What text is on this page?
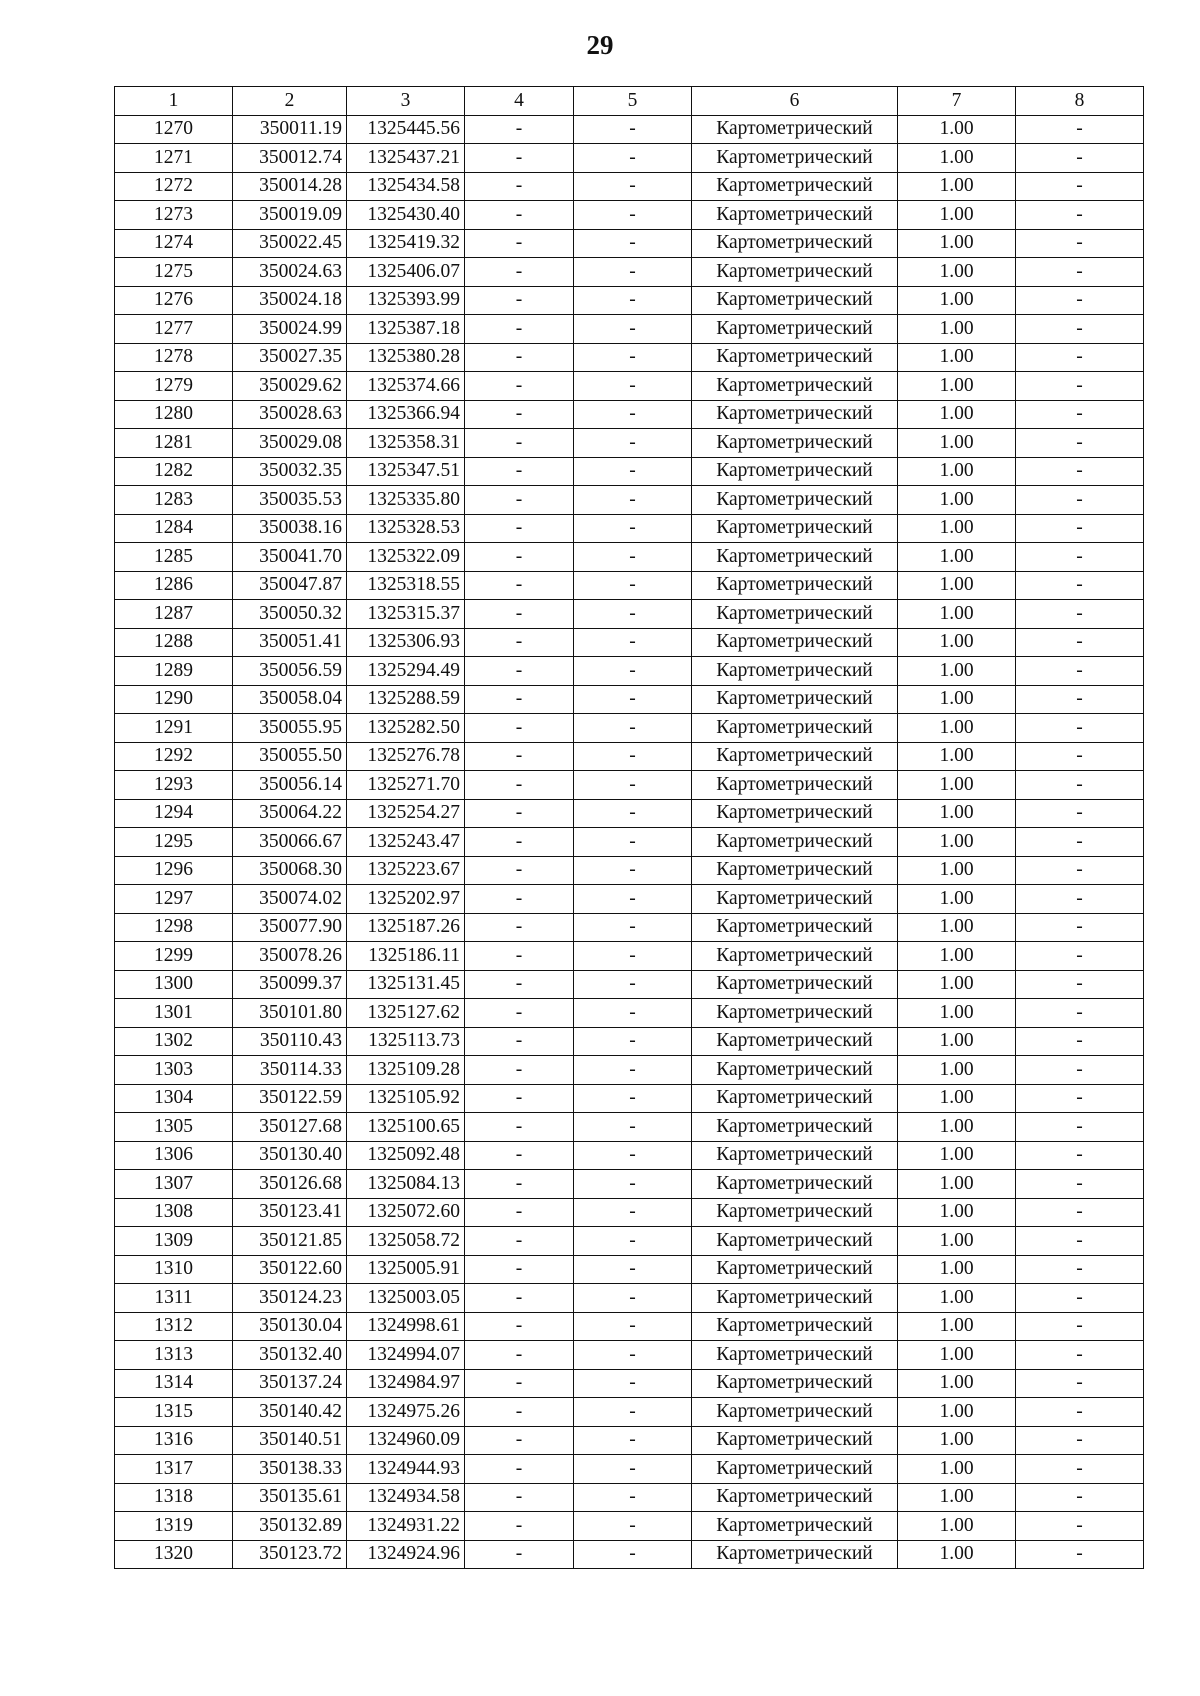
29
1	2	3	4	5	6	7	8
1270	350011.19	1325445.56	-	-	Картометрический	1.00	-
1271	350012.74	1325437.21	-	-	Картометрический	1.00	-
1272	350014.28	1325434.58	-	-	Картометрический	1.00	-
1273	350019.09	1325430.40	-	-	Картометрический	1.00	-
1274	350022.45	1325419.32	-	-	Картометрический	1.00	-
1275	350024.63	1325406.07	-	-	Картометрический	1.00	-
1276	350024.18	1325393.99	-	-	Картометрический	1.00	-
1277	350024.99	1325387.18	-	-	Картометрический	1.00	-
1278	350027.35	1325380.28	-	-	Картометрический	1.00	-
1279	350029.62	1325374.66	-	-	Картометрический	1.00	-
1280	350028.63	1325366.94	-	-	Картометрический	1.00	-
1281	350029.08	1325358.31	-	-	Картометрический	1.00	-
1282	350032.35	1325347.51	-	-	Картометрический	1.00	-
1283	350035.53	1325335.80	-	-	Картометрический	1.00	-
1284	350038.16	1325328.53	-	-	Картометрический	1.00	-
1285	350041.70	1325322.09	-	-	Картометрический	1.00	-
1286	350047.87	1325318.55	-	-	Картометрический	1.00	-
1287	350050.32	1325315.37	-	-	Картометрический	1.00	-
1288	350051.41	1325306.93	-	-	Картометрический	1.00	-
1289	350056.59	1325294.49	-	-	Картометрический	1.00	-
1290	350058.04	1325288.59	-	-	Картометрический	1.00	-
1291	350055.95	1325282.50	-	-	Картометрический	1.00	-
1292	350055.50	1325276.78	-	-	Картометрический	1.00	-
1293	350056.14	1325271.70	-	-	Картометрический	1.00	-
1294	350064.22	1325254.27	-	-	Картометрический	1.00	-
1295	350066.67	1325243.47	-	-	Картометрический	1.00	-
1296	350068.30	1325223.67	-	-	Картометрический	1.00	-
1297	350074.02	1325202.97	-	-	Картометрический	1.00	-
1298	350077.90	1325187.26	-	-	Картометрический	1.00	-
1299	350078.26	1325186.11	-	-	Картометрический	1.00	-
1300	350099.37	1325131.45	-	-	Картометрический	1.00	-
1301	350101.80	1325127.62	-	-	Картометрический	1.00	-
1302	350110.43	1325113.73	-	-	Картометрический	1.00	-
1303	350114.33	1325109.28	-	-	Картометрический	1.00	-
1304	350122.59	1325105.92	-	-	Картометрический	1.00	-
1305	350127.68	1325100.65	-	-	Картометрический	1.00	-
1306	350130.40	1325092.48	-	-	Картометрический	1.00	-
1307	350126.68	1325084.13	-	-	Картометрический	1.00	-
1308	350123.41	1325072.60	-	-	Картометрический	1.00	-
1309	350121.85	1325058.72	-	-	Картометрический	1.00	-
1310	350122.60	1325005.91	-	-	Картометрический	1.00	-
1311	350124.23	1325003.05	-	-	Картометрический	1.00	-
1312	350130.04	1324998.61	-	-	Картометрический	1.00	-
1313	350132.40	1324994.07	-	-	Картометрический	1.00	-
1314	350137.24	1324984.97	-	-	Картометрический	1.00	-
1315	350140.42	1324975.26	-	-	Картометрический	1.00	-
1316	350140.51	1324960.09	-	-	Картометрический	1.00	-
1317	350138.33	1324944.93	-	-	Картометрический	1.00	-
1318	350135.61	1324934.58	-	-	Картометрический	1.00	-
1319	350132.89	1324931.22	-	-	Картометрический	1.00	-
1320	350123.72	1324924.96	-	-	Картометрический	1.00	-
